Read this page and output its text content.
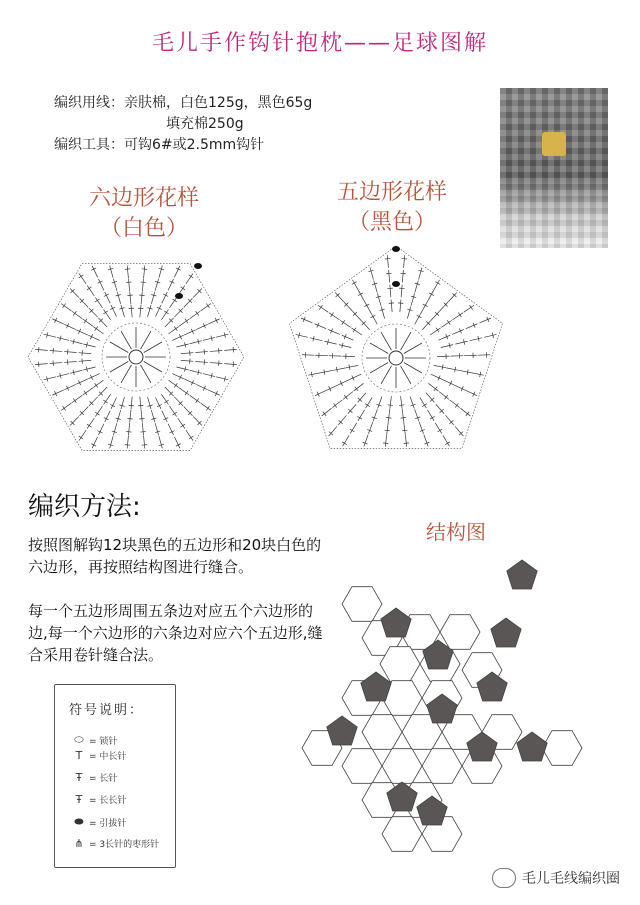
毛儿手作钩针抱枕——足球图解
编织用线：亲肤棉，白色125g，黑色65g
填充棉250g
编织工具：可钩6#或2.5mm钩针
六边形花样
（白色）
五边形花样
（黑色）
编织方法:
按照图解钩12块黑色的五边形和20块白色的六边形，再按照结构图进行缝合。
每一个五边形周围五条边对应五个六边形的边,每一个六边形的六条边对应六个五边形,缝合采用卷针缝合法。
结构图
符号说明：
⬭ = 锁针
T = 中长针
Ŧ = 长针
Ŧ = 长长针
⬬ = 引拔针
⋔ = 3长针的枣形针
毛儿毛线编织圈
